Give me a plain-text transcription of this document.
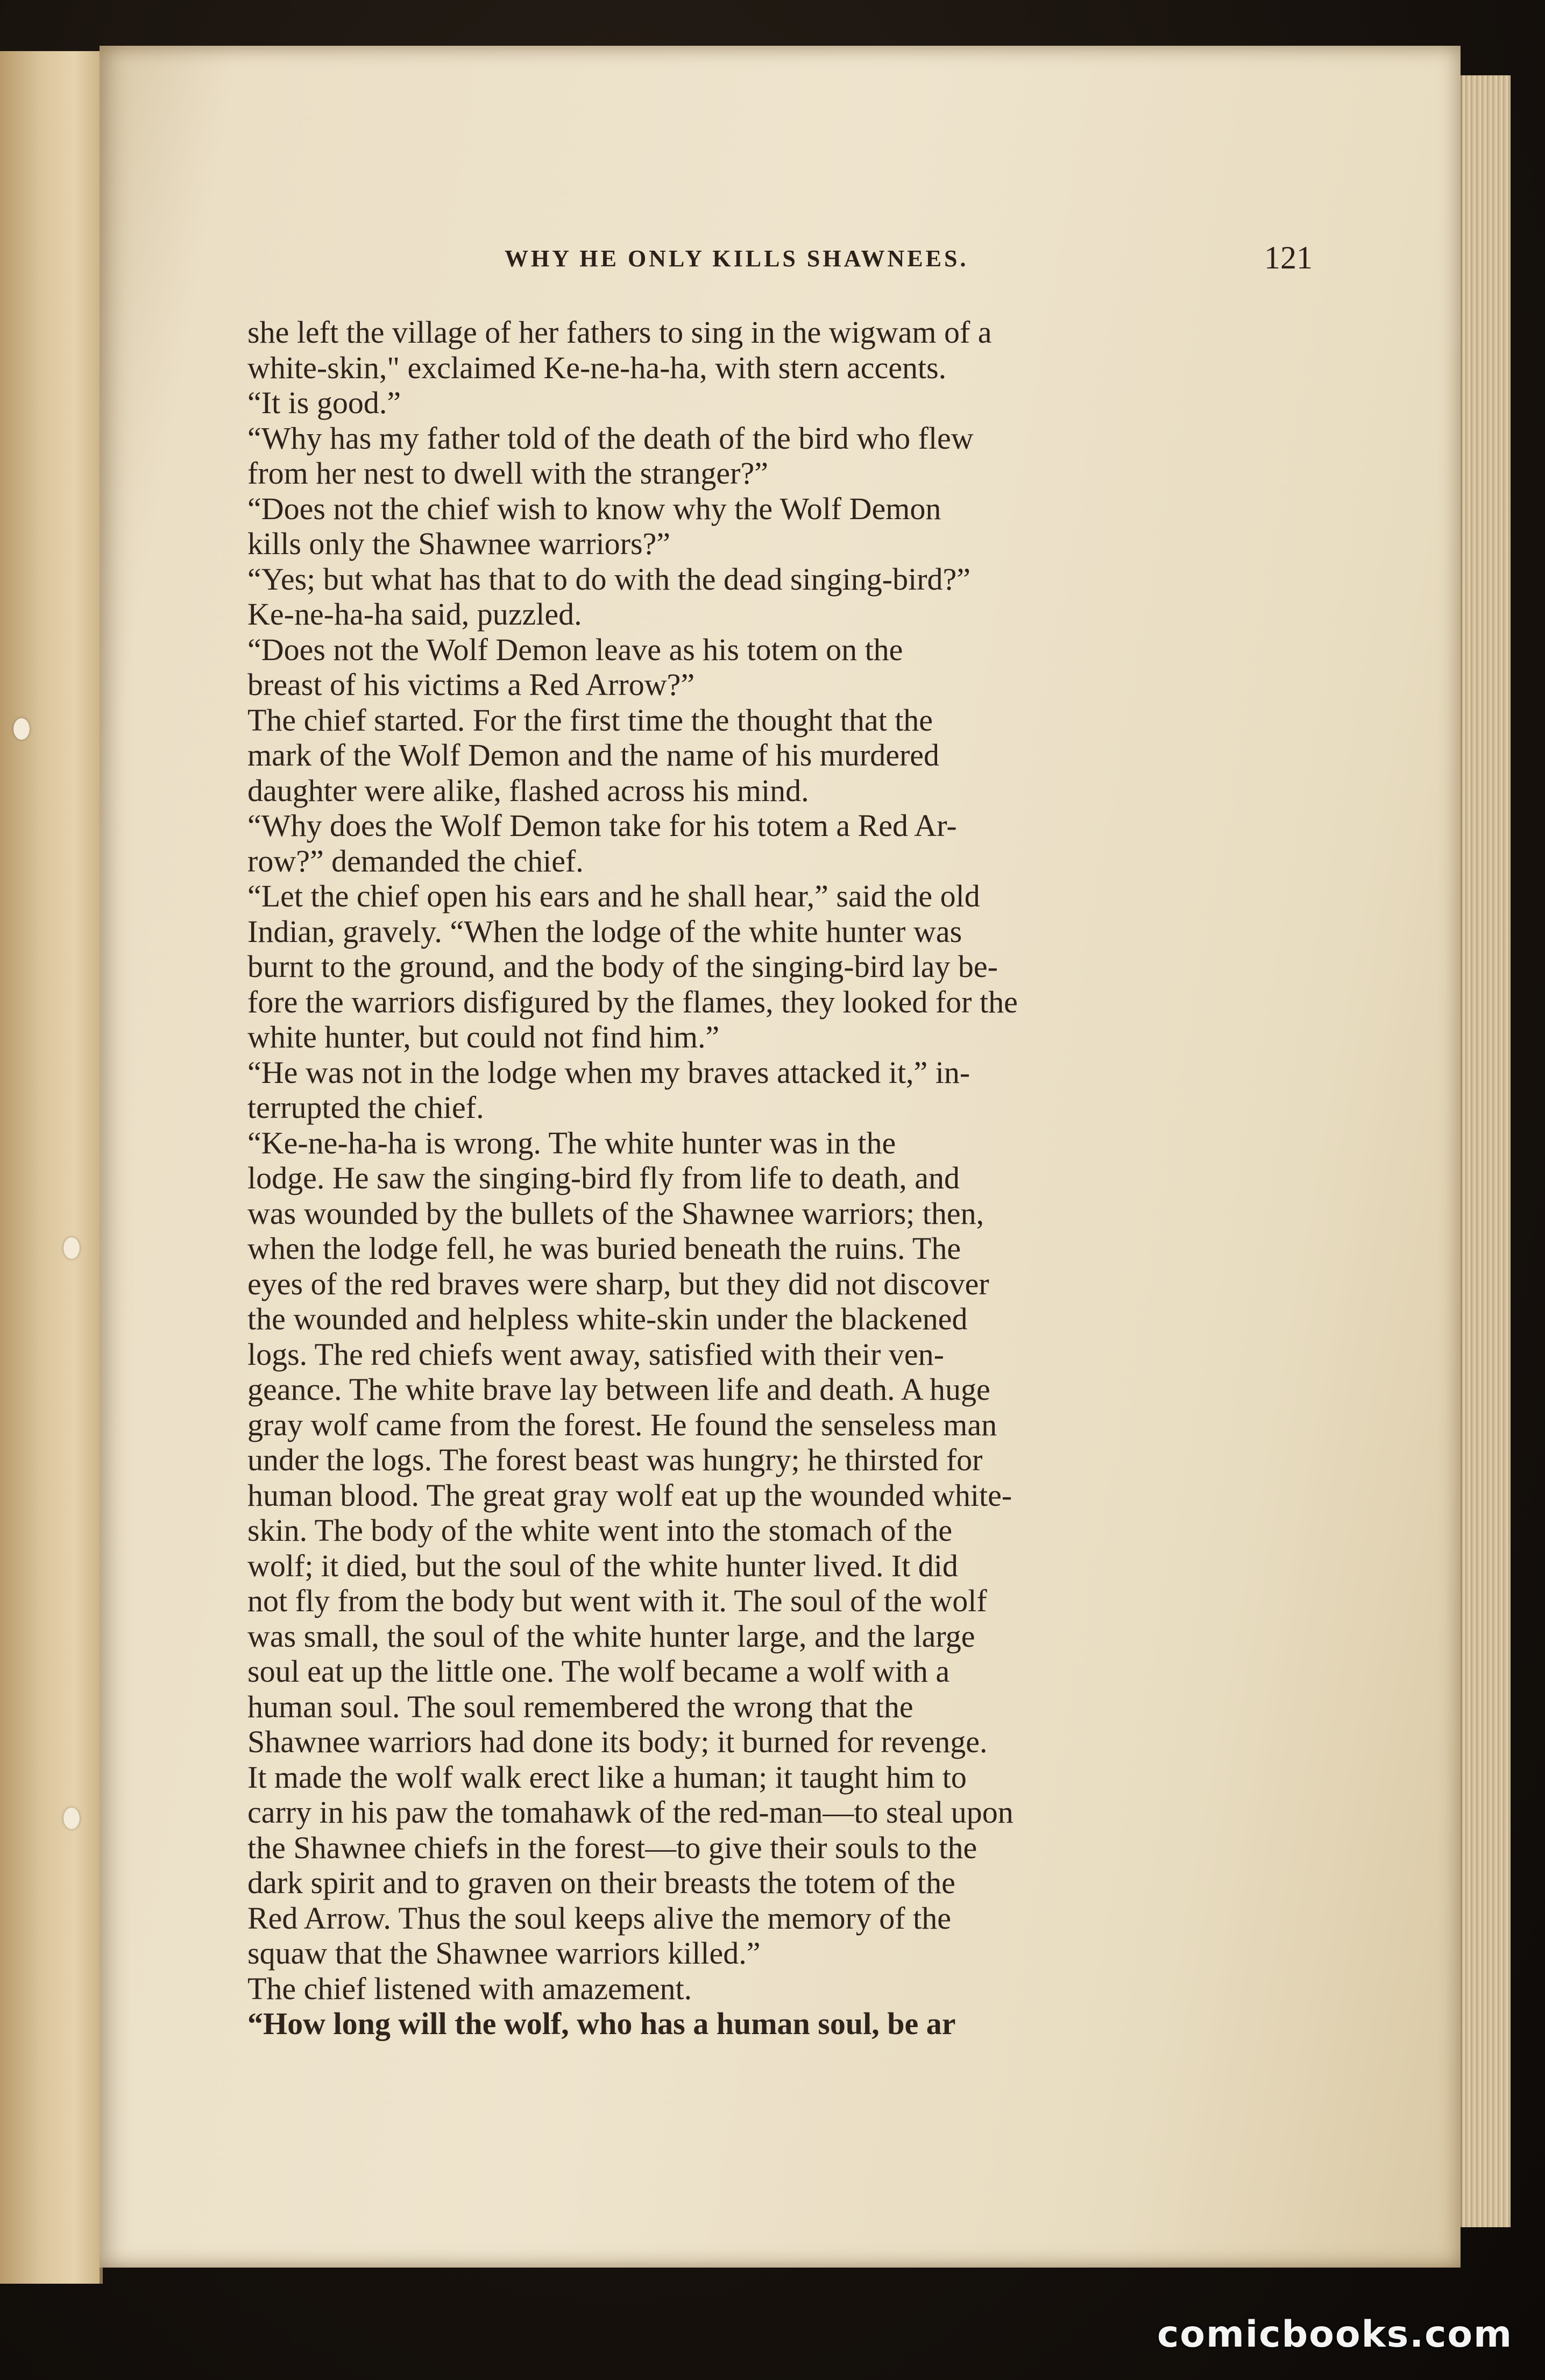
WHY HE ONLY KILLS SHAWNEES.	121
she left the village of her fathers to sing in the wigwam of a
white-skin," exclaimed Ke-ne-ha-ha, with stern accents.
“It is good.”
“Why has my father told of the death of the bird who flew
from her nest to dwell with the stranger?”
“Does not the chief wish to know why the Wolf Demon
kills only the Shawnee warriors?”
“Yes; but what has that to do with the dead singing-bird?”
Ke-ne-ha-ha said, puzzled.
“Does not the Wolf Demon leave as his totem on the
breast of his victims a Red Arrow?”
The chief started. For the first time the thought that the
mark of the Wolf Demon and the name of his murdered
daughter were alike, flashed across his mind.
“Why does the Wolf Demon take for his totem a Red Ar-
row?” demanded the chief.
“Let the chief open his ears and he shall hear,” said the old
Indian, gravely. “When the lodge of the white hunter was
burnt to the ground, and the body of the singing-bird lay be-
fore the warriors disfigured by the flames, they looked for the
white hunter, but could not find him.”
“He was not in the lodge when my braves attacked it,” in-
terrupted the chief.
“Ke-ne-ha-ha is wrong. The white hunter was in the
lodge. He saw the singing-bird fly from life to death, and
was wounded by the bullets of the Shawnee warriors; then,
when the lodge fell, he was buried beneath the ruins. The
eyes of the red braves were sharp, but they did not discover
the wounded and helpless white-skin under the blackened
logs. The red chiefs went away, satisfied with their ven-
geance. The white brave lay between life and death. A huge
gray wolf came from the forest. He found the senseless man
under the logs. The forest beast was hungry; he thirsted for
human blood. The great gray wolf eat up the wounded white-
skin. The body of the white went into the stomach of the
wolf; it died, but the soul of the white hunter lived. It did
not fly from the body but went with it. The soul of the wolf
was small, the soul of the white hunter large, and the large
soul eat up the little one. The wolf became a wolf with a
human soul. The soul remembered the wrong that the
Shawnee warriors had done its body; it burned for revenge.
It made the wolf walk erect like a human; it taught him to
carry in his paw the tomahawk of the red-man—to steal upon
the Shawnee chiefs in the forest—to give their souls to the
dark spirit and to graven on their breasts the totem of the
Red Arrow. Thus the soul keeps alive the memory of the
squaw that the Shawnee warriors killed.”
The chief listened with amazement.
“How long will the wolf, who has a human soul, be ar
comicbooks.com
